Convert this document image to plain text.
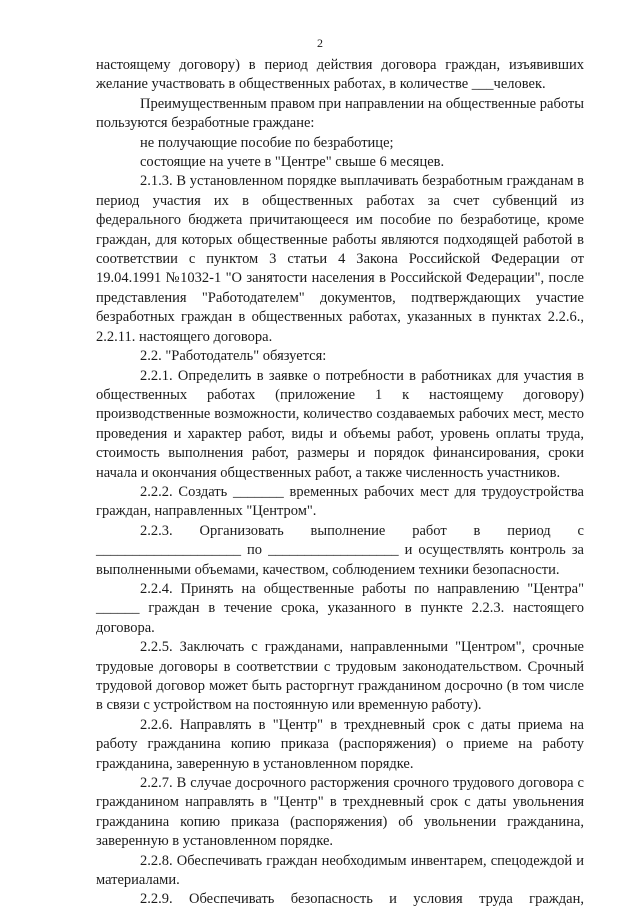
2

настоящему договору) в период действия договора граждан, изъявивших желание участвовать в общественных работах, в количестве ___человек.

Преимущественным правом при направлении на общественные работы пользуются безработные граждане:

не получающие пособие по безработице;

состоящие на учете в "Центре" свыше 6 месяцев.

2.1.3. В установленном порядке выплачивать безработным гражданам в период участия их в общественных работах за счет субвенций из федерального бюджета причитающееся им пособие по безработице, кроме граждан, для которых общественные работы являются подходящей работой в соответствии с пунктом 3 статьи 4 Закона Российской Федерации от 19.04.1991 №1032-1 "О занятости населения в Российской Федерации", после представления "Работодателем" документов, подтверждающих участие безработных граждан в общественных работах, указанных в пунктах 2.2.6., 2.2.11. настоящего договора.

2.2. "Работодатель" обязуется:

2.2.1. Определить в заявке о потребности в работниках для участия в общественных работах (приложение 1 к настоящему договору) производственные возможности, количество создаваемых рабочих мест, место проведения и характер работ, виды и объемы работ, уровень оплаты труда, стоимость выполнения работ, размеры и порядок финансирования, сроки начала и окончания общественных работ, а также численность участников.

2.2.2. Создать _______ временных рабочих мест для трудоустройства граждан, направленных "Центром".

2.2.3. Организовать выполнение работ в период с ____________________ по __________________ и осуществлять контроль за выполненными объемами, качеством, соблюдением техники безопасности.

2.2.4. Принять на общественные работы по направлению "Центра" ______ граждан в течение срока, указанного в пункте 2.2.3. настоящего договора.

2.2.5. Заключать с гражданами, направленными "Центром", срочные трудовые договоры в соответствии с трудовым законодательством. Срочный трудовой договор может быть расторгнут гражданином досрочно (в том числе в связи с устройством на постоянную или временную работу).

2.2.6. Направлять в "Центр" в трехдневный срок с даты приема на работу гражданина копию приказа (распоряжения) о приеме на работу гражданина, заверенную в установленном порядке.

2.2.7. В случае досрочного расторжения срочного трудового договора с гражданином направлять в "Центр" в трехдневный срок с даты увольнения гражданина копию приказа (распоряжения) об увольнении гражданина, заверенную в установленном порядке.

2.2.8. Обеспечивать граждан необходимым инвентарем, спецодеждой и материалами.

2.2.9. Обеспечивать безопасность и условия труда граждан,
